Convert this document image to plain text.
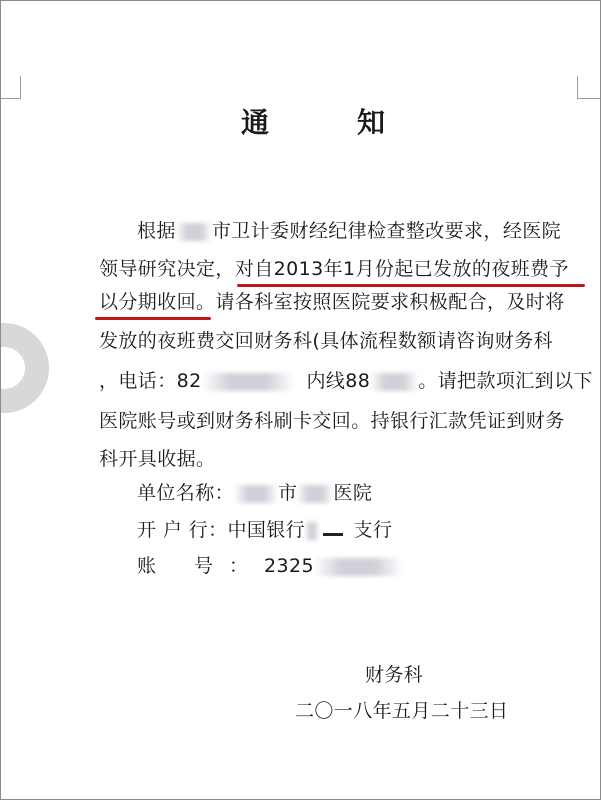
通	知
根据 市卫计委财经纪律检查整改要求，经医院
领导研究决定，对自2013年1月份起已发放的夜班费予
以分期收回。请各科室按照医院要求积极配合，及时将
发放的夜班费交回财务科(具体流程数额请咨询财务科
，电话：82	内线88	。请把款项汇到以下
医院账号或到财务科刷卡交回。持银行汇款凭证到财务
科开具收据。
单位名称： 市 医院
开 户 行：中国银行	支行
账 号：2325
财务科
二〇一八年五月二十三日
